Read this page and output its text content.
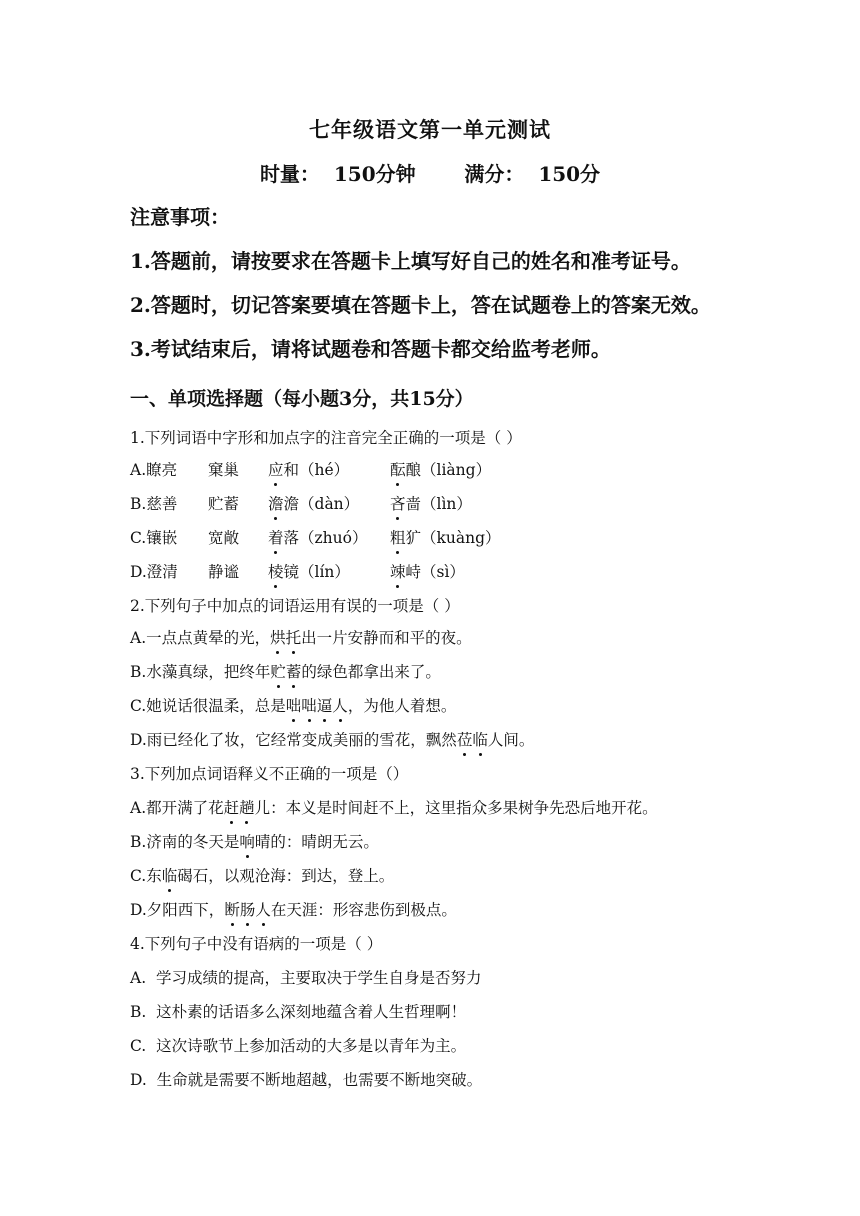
七年级语文第一单元测试
时量： 150分钟 满分： 150分
注意事项：
1.答题前，请按要求在答题卡上填写好自己的姓名和准考证号。
2.答题时，切记答案要填在答题卡上，答在试题卷上的答案无效。
3.考试结束后，请将试题卷和答题卡都交给监考老师。
一、单项选择题（每小题3分，共15分）
1.下列词语中字形和加点字的注音完全正确的一项是（ ）
A.瞭亮 窠巢 应和（hé）	酝酿（liàng）
B.慈善 贮蓄 澹澹（dàn） 吝啬（lìn）
C.镶嵌 宽敞 着落（zhuó） 粗犷（kuàng）
D.澄清 静谧 棱镜（lín）	竦峙（sì）
2.下列句子中加点的词语运用有误的一项是（ ）
A.一点点黄晕的光，烘托出一片安静而和平的夜。
B.水藻真绿，把终年贮蓄的绿色都拿出来了。
C.她说话很温柔，总是咄咄逼人，为他人着想。
D.雨已经化了妆，它经常变成美丽的雪花，飘然莅临人间。
3.下列加点词语释义不正确的一项是（）
A.都开满了花赶趟儿：本义是时间赶不上，这里指众多果树争先恐后地开花。
B.济南的冬天是响晴的：晴朗无云。
C.东临碣石，以观沧海：到达，登上。
D.夕阳西下，断肠人在天涯：形容悲伤到极点。
4.下列句子中没有语病的一项是（ ）
A.  学习成绩的提高，主要取决于学生自身是否努力
B.  这朴素的话语多么深刻地蕴含着人生哲理啊！
C.  这次诗歌节上参加活动的大多是以青年为主。
D.  生命就是需要不断地超越，也需要不断地突破。
